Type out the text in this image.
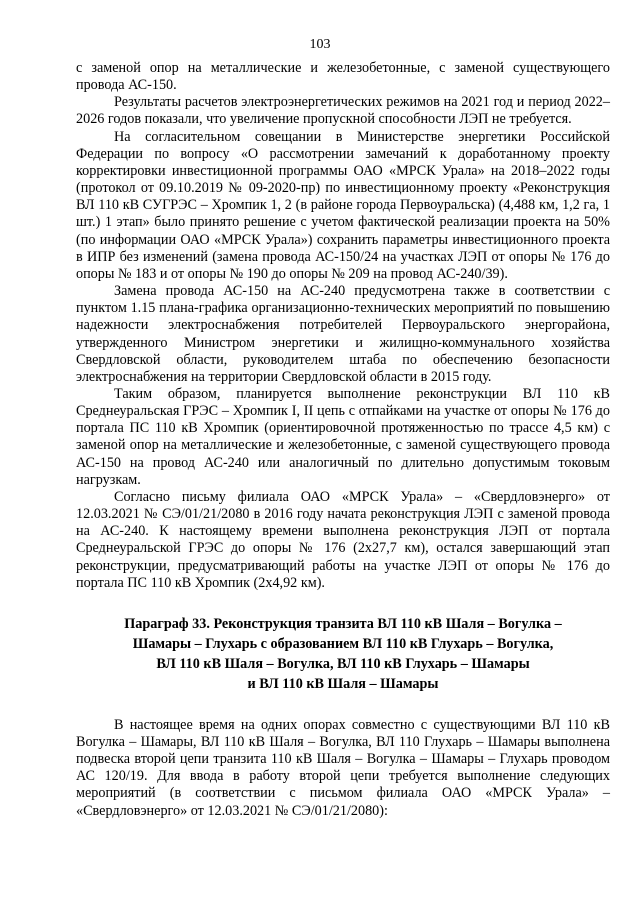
103

с заменой опор на металлические и железобетонные, с заменой существующего провода АС-150.

Результаты расчетов электроэнергетических режимов на 2021 год и период 2022–2026 годов показали, что увеличение пропускной способности ЛЭП не требуется.

На согласительном совещании в Министерстве энергетики Российской Федерации по вопросу «О рассмотрении замечаний к доработанному проекту корректировки инвестиционной программы ОАО «МРСК Урала» на 2018–2022 годы (протокол от 09.10.2019 № 09-2020-пр) по инвестиционному проекту «Реконструкция ВЛ 110 кВ СУГРЭС – Хромпик 1, 2 (в районе города Первоуральска) (4,488 км, 1,2 га, 1 шт.) 1 этап» было принято решение с учетом фактической реализации проекта на 50% (по информации ОАО «МРСК Урала») сохранить параметры инвестиционного проекта в ИПР без изменений (замена провода АС-150/24 на участках ЛЭП от опоры № 176 до опоры № 183 и от опоры № 190 до опоры № 209 на провод АС-240/39).

Замена провода АС-150 на АС-240 предусмотрена также в соответствии с пунктом 1.15 плана-графика организационно-технических мероприятий по повышению надежности электроснабжения потребителей Первоуральского энергорайона, утвержденного Министром энергетики и жилищно-коммунального хозяйства Свердловской области, руководителем штаба по обеспечению безопасности электроснабжения на территории Свердловской области в 2015 году.

Таким образом, планируется выполнение реконструкции ВЛ 110 кВ Среднеуральская ГРЭС – Хромпик I, II цепь с отпайками на участке от опоры № 176 до портала ПС 110 кВ Хромпик (ориентировочной протяженностью по трассе 4,5 км) с заменой опор на металлические и железобетонные, с заменой существующего провода АС-150 на провод АС-240 или аналогичный по длительно допустимым токовым нагрузкам.

Согласно письму филиала ОАО «МРСК Урала» – «Свердловэнерго» от 12.03.2021 № СЭ/01/21/2080 в 2016 году начата реконструкция ЛЭП с заменой провода на АС-240. К настоящему времени выполнена реконструкция ЛЭП от портала Среднеуральской ГРЭС до опоры № 176 (2х27,7 км), остался завершающий этап реконструкции, предусматривающий работы на участке ЛЭП от опоры № 176 до портала ПС 110 кВ Хромпик (2х4,92 км).

Параграф 33. Реконструкция транзита ВЛ 110 кВ Шаля – Вогулка –
Шамары – Глухарь с образованием ВЛ 110 кВ Глухарь – Вогулка,
ВЛ 110 кВ Шаля – Вогулка, ВЛ 110 кВ Глухарь – Шамары
и ВЛ 110 кВ Шаля – Шамары

В настоящее время на одних опорах совместно с существующими ВЛ 110 кВ Вогулка – Шамары, ВЛ 110 кВ Шаля – Вогулка, ВЛ 110 Глухарь – Шамары выполнена подвеска второй цепи транзита 110 кВ Шаля – Вогулка – Шамары – Глухарь проводом АС 120/19. Для ввода в работу второй цепи требуется выполнение следующих мероприятий (в соответствии с письмом филиала ОАО «МРСК Урала» – «Свердловэнерго» от 12.03.2021 № СЭ/01/21/2080):
